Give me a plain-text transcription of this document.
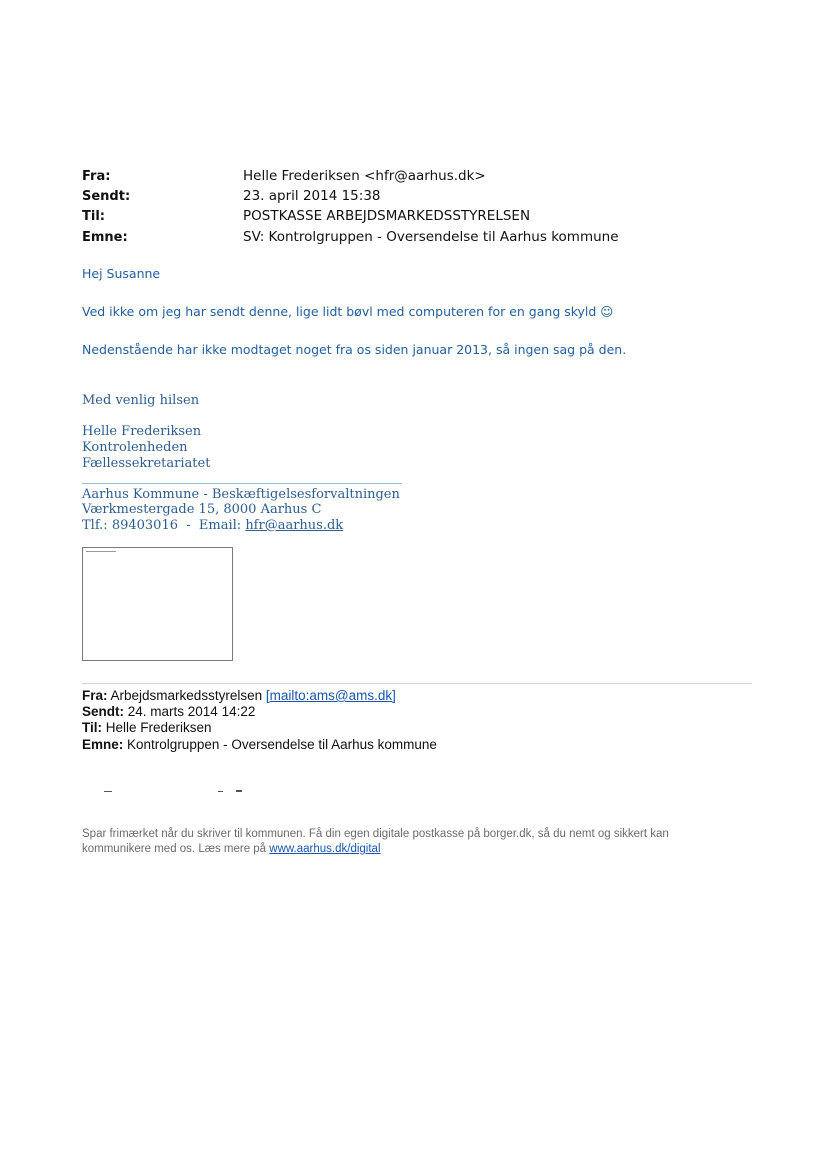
Fra:	Helle Frederiksen <hfr@aarhus.dk>
Sendt:	23. april 2014 15:38
Til:	POSTKASSE ARBEJDSMARKEDSSTYRELSEN
Emne:	SV: Kontrolgruppen - Oversendelse til Aarhus kommune
Hej Susanne
Ved ikke om jeg har sendt denne, lige lidt bøvl med computeren for en gang skyld ☺
Nedenstående har ikke modtaget noget fra os siden januar 2013, så ingen sag på den.
Med venlig hilsen
Helle Frederiksen
Kontrolenheden
Fællessekretariatet
Aarhus Kommune - Beskæftigelsesforvaltningen
Værkmestergade 15, 8000 Aarhus C
Tlf.: 89403016  -  Email: hfr@aarhus.dk
Fra: Arbejdsmarkedsstyrelsen [mailto:ams@ams.dk]
Sendt: 24. marts 2014 14:22
Til: Helle Frederiksen
Emne: Kontrolgruppen - Oversendelse til Aarhus kommune
Spar frimærket når du skriver til kommunen. Få din egen digitale postkasse på borger.dk, så du nemt og sikkert kan
kommunikere med os. Læs mere på www.aarhus.dk/digital
